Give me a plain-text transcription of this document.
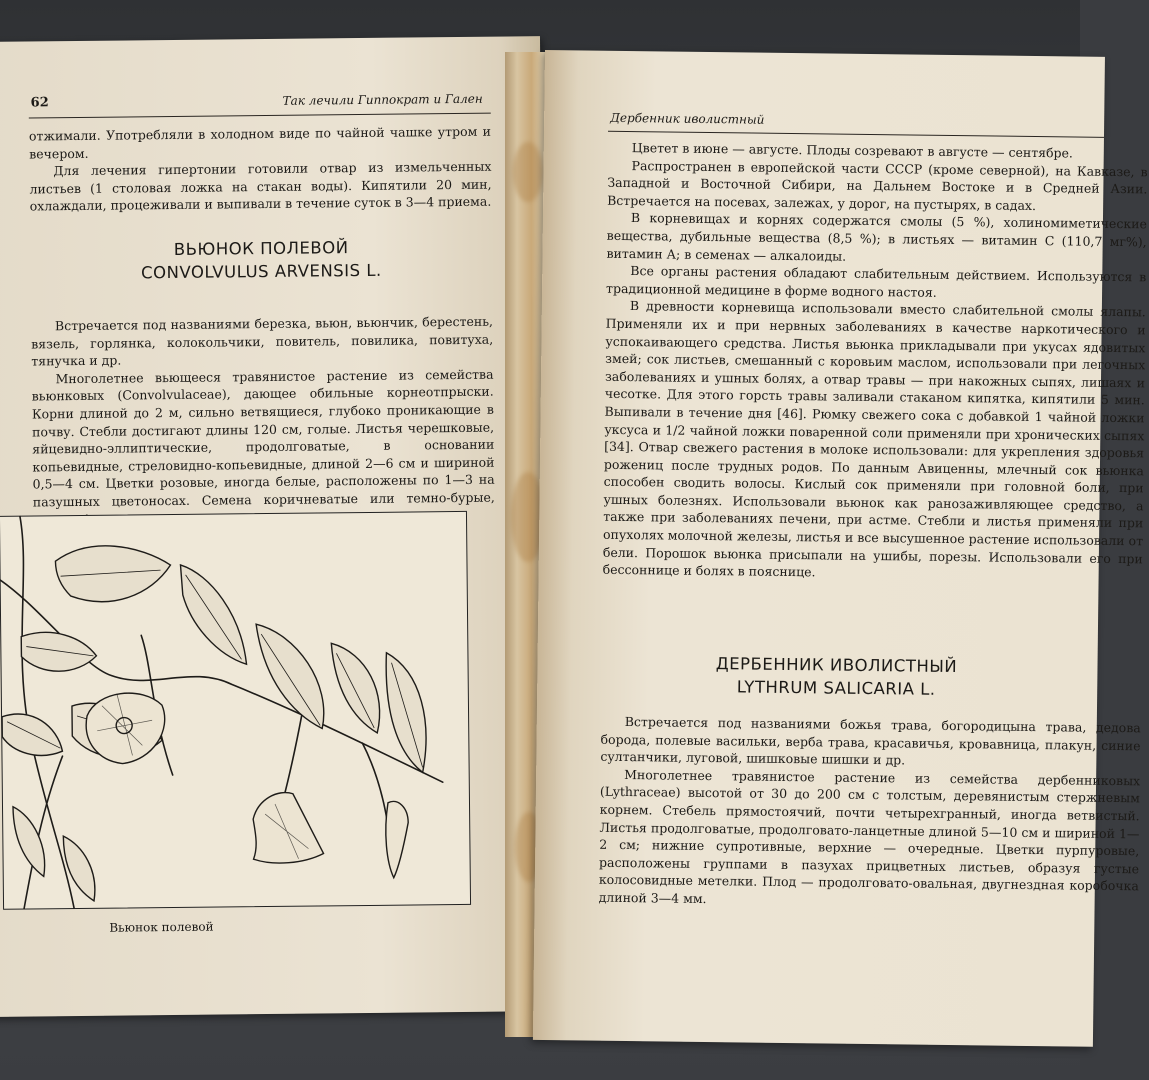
62	Так лечили Гиппократ и Гален

отжимали. Употребляли в холодном виде по чайной чашке утром и вечером.

Для лечения гипертонии готовили отвар из измельченных листьев (1 столовая ложка на стакан воды). Кипятили 20 мин, охлаждали, процеживали и выпивали в течение суток в 3—4 приема.

ВЬЮНОК ПОЛЕВОЙ
CONVOLVULUS ARVENSIS L.

Встречается под названиями березка, вьюн, вьюнчик, берестень, вязель, горлянка, колокольчики, повитель, повилика, повитуха, тянучка и др.

Многолетнее вьющееся травянистое растение из семейства вьюнковых (Convolvulaceae), дающее обильные корнеотпрыски. Корни длиной до 2 м, сильно ветвящиеся, глубоко проникающие в почву. Стебли достигают длины 120 см, голые. Листья черешковые, яйцевидно-эллиптические, продолговатые, в основании копьевидные, стреловидно-копьевидные, длиной 2—6 см и шириной 0,5—4 см. Цветки розовые, иногда белые, расположены по 1—3 на пазушных цветоносах. Семена коричневатые или темно-бурые,

Вьюнок полевой
Дербенник иволистный

Цветет в июне — августе. Плоды созревают в августе — сентябре.

Распространен в европейской части СССР (кроме северной), на Кавказе, в Западной и Восточной Сибири, на Дальнем Востоке и в Средней Азии. Встречается на посевах, залежах, у дорог, на пустырях, в садах.

В корневищах и корнях содержатся смолы (5 %), холиномиметические вещества, дубильные вещества (8,5 %); в листьях — витамин С (110,7 мг%), витамин А; в семенах — алкалоиды.

Все органы растения обладают слабительным действием. Используются в традиционной медицине в форме водного настоя.

В древности корневища использовали вместо слабительной смолы ялапы. Применяли их и при нервных заболеваниях в качестве наркотического и успокаивающего средства. Листья вьюнка прикладывали при укусах ядовитых змей; сок листьев, смешанный с коровьим маслом, использовали при легочных заболеваниях и ушных болях, а отвар травы — при накожных сыпях, лишаях и чесотке. Для этого горсть травы заливали стаканом кипятка, кипятили 5 мин. Выпивали в течение дня [46]. Рюмку свежего сока с добавкой 1 чайной ложки уксуса и 1/2 чайной ложки поваренной соли применяли при хронических сыпях [34]. Отвар свежего растения в молоке использовали: для укрепления здоровья рожениц после трудных родов. По данным Авиценны, млечный сок вьюнка способен сводить волосы. Кислый сок применяли при головной боли, при ушных болезнях. Использовали вьюнок как ранозаживляющее средство, а также при заболеваниях печени, при астме. Стебли и листья применяли при опухолях молочной железы, листья и все высушенное растение использовали от бели. Порошок вьюнка присыпали на ушибы, порезы. Использовали его при бессоннице и болях в пояснице.

ДЕРБЕННИК ИВОЛИСТНЫЙ
LYTHRUM SALICARIA L.

Встречается под названиями божья трава, богородицына трава, дедова борода, полевые васильки, верба трава, красавичья, кровавница, плакун, синие султанчики, луговой, шишковые шишки и др.

Многолетнее травянистое растение из семейства дербенниковых (Lythraceae) высотой от 30 до 200 см с толстым, деревянистым стержневым корнем. Стебель прямостоячий, почти четырехгранный, иногда ветвистый. Листья продолговатые, продолговато-ланцетные длиной 5—10 см и шириной 1—2 см; нижние супротивные, верхние — очередные. Цветки пурпуровые, расположены группами в пазухах прицветных листьев, образуя густые колосовидные метелки. Плод — продолговато-овальная, двугнездная коробочка длиной 3—4 мм.
